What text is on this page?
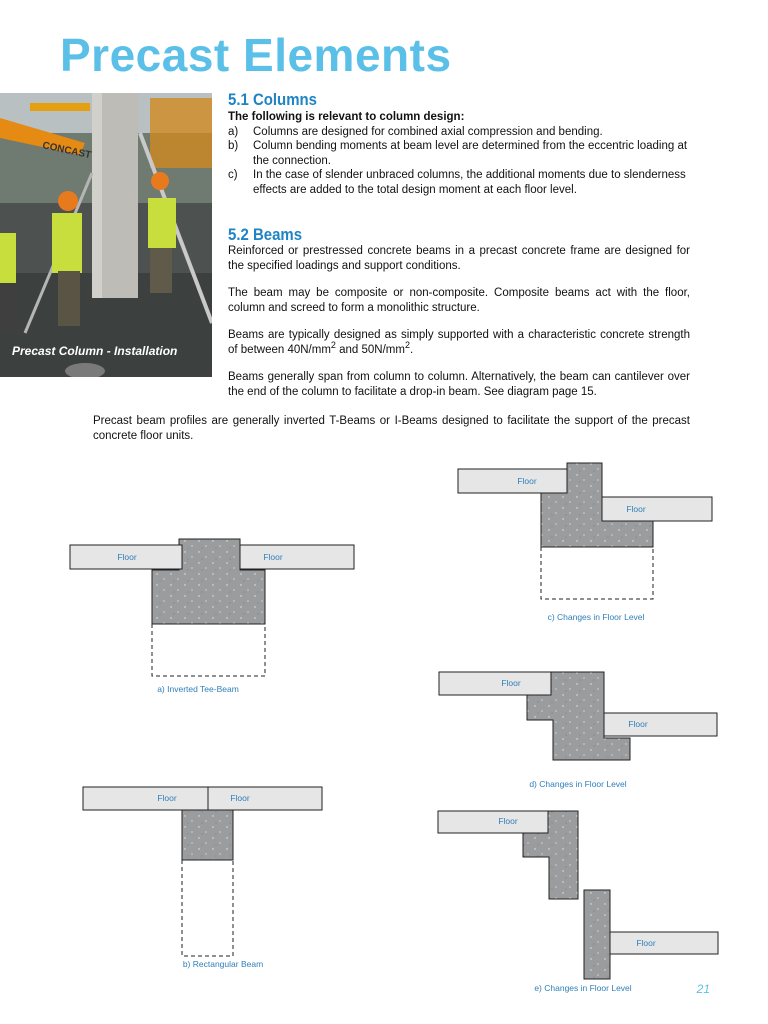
Precast Elements
CONCAST
Precast Column - Installation
5.1 Columns
The following is relevant to column design:
a) Columns are designed for combined axial compression and bending.
b) Column bending moments at beam level are determined from the eccentric loading at the connection.
c) In the case of slender unbraced columns, the additional moments due to slenderness effects are added to the total design moment at each floor level.
5.2 Beams

Reinforced or prestressed concrete beams in a precast concrete frame are designed for the specified loadings and support conditions.

The beam may be composite or non-composite. Composite beams act with the floor, column and screed to form a monolithic structure.

Beams are typically designed as simply supported with a characteristic concrete strength of between $40N/mm^2$ and $50N/mm^2$.

Beams generally span from column to column. Alternatively, the beam can cantilever over the end of the column to facilitate a drop-in beam. See diagram page 15.

Precast beam profiles are generally inverted T-Beams or I-Beams designed to facilitate the support of the precast concrete floor units.
Floor	Floor
a) Inverted Tee-Beam
Floor	Floor
b) Rectangular Beam
Floor
Floor
c) Changes in Floor Level
Floor
Floor
d) Changes in Floor Level
Floor
Floor
e) Changes in Floor Level	21
